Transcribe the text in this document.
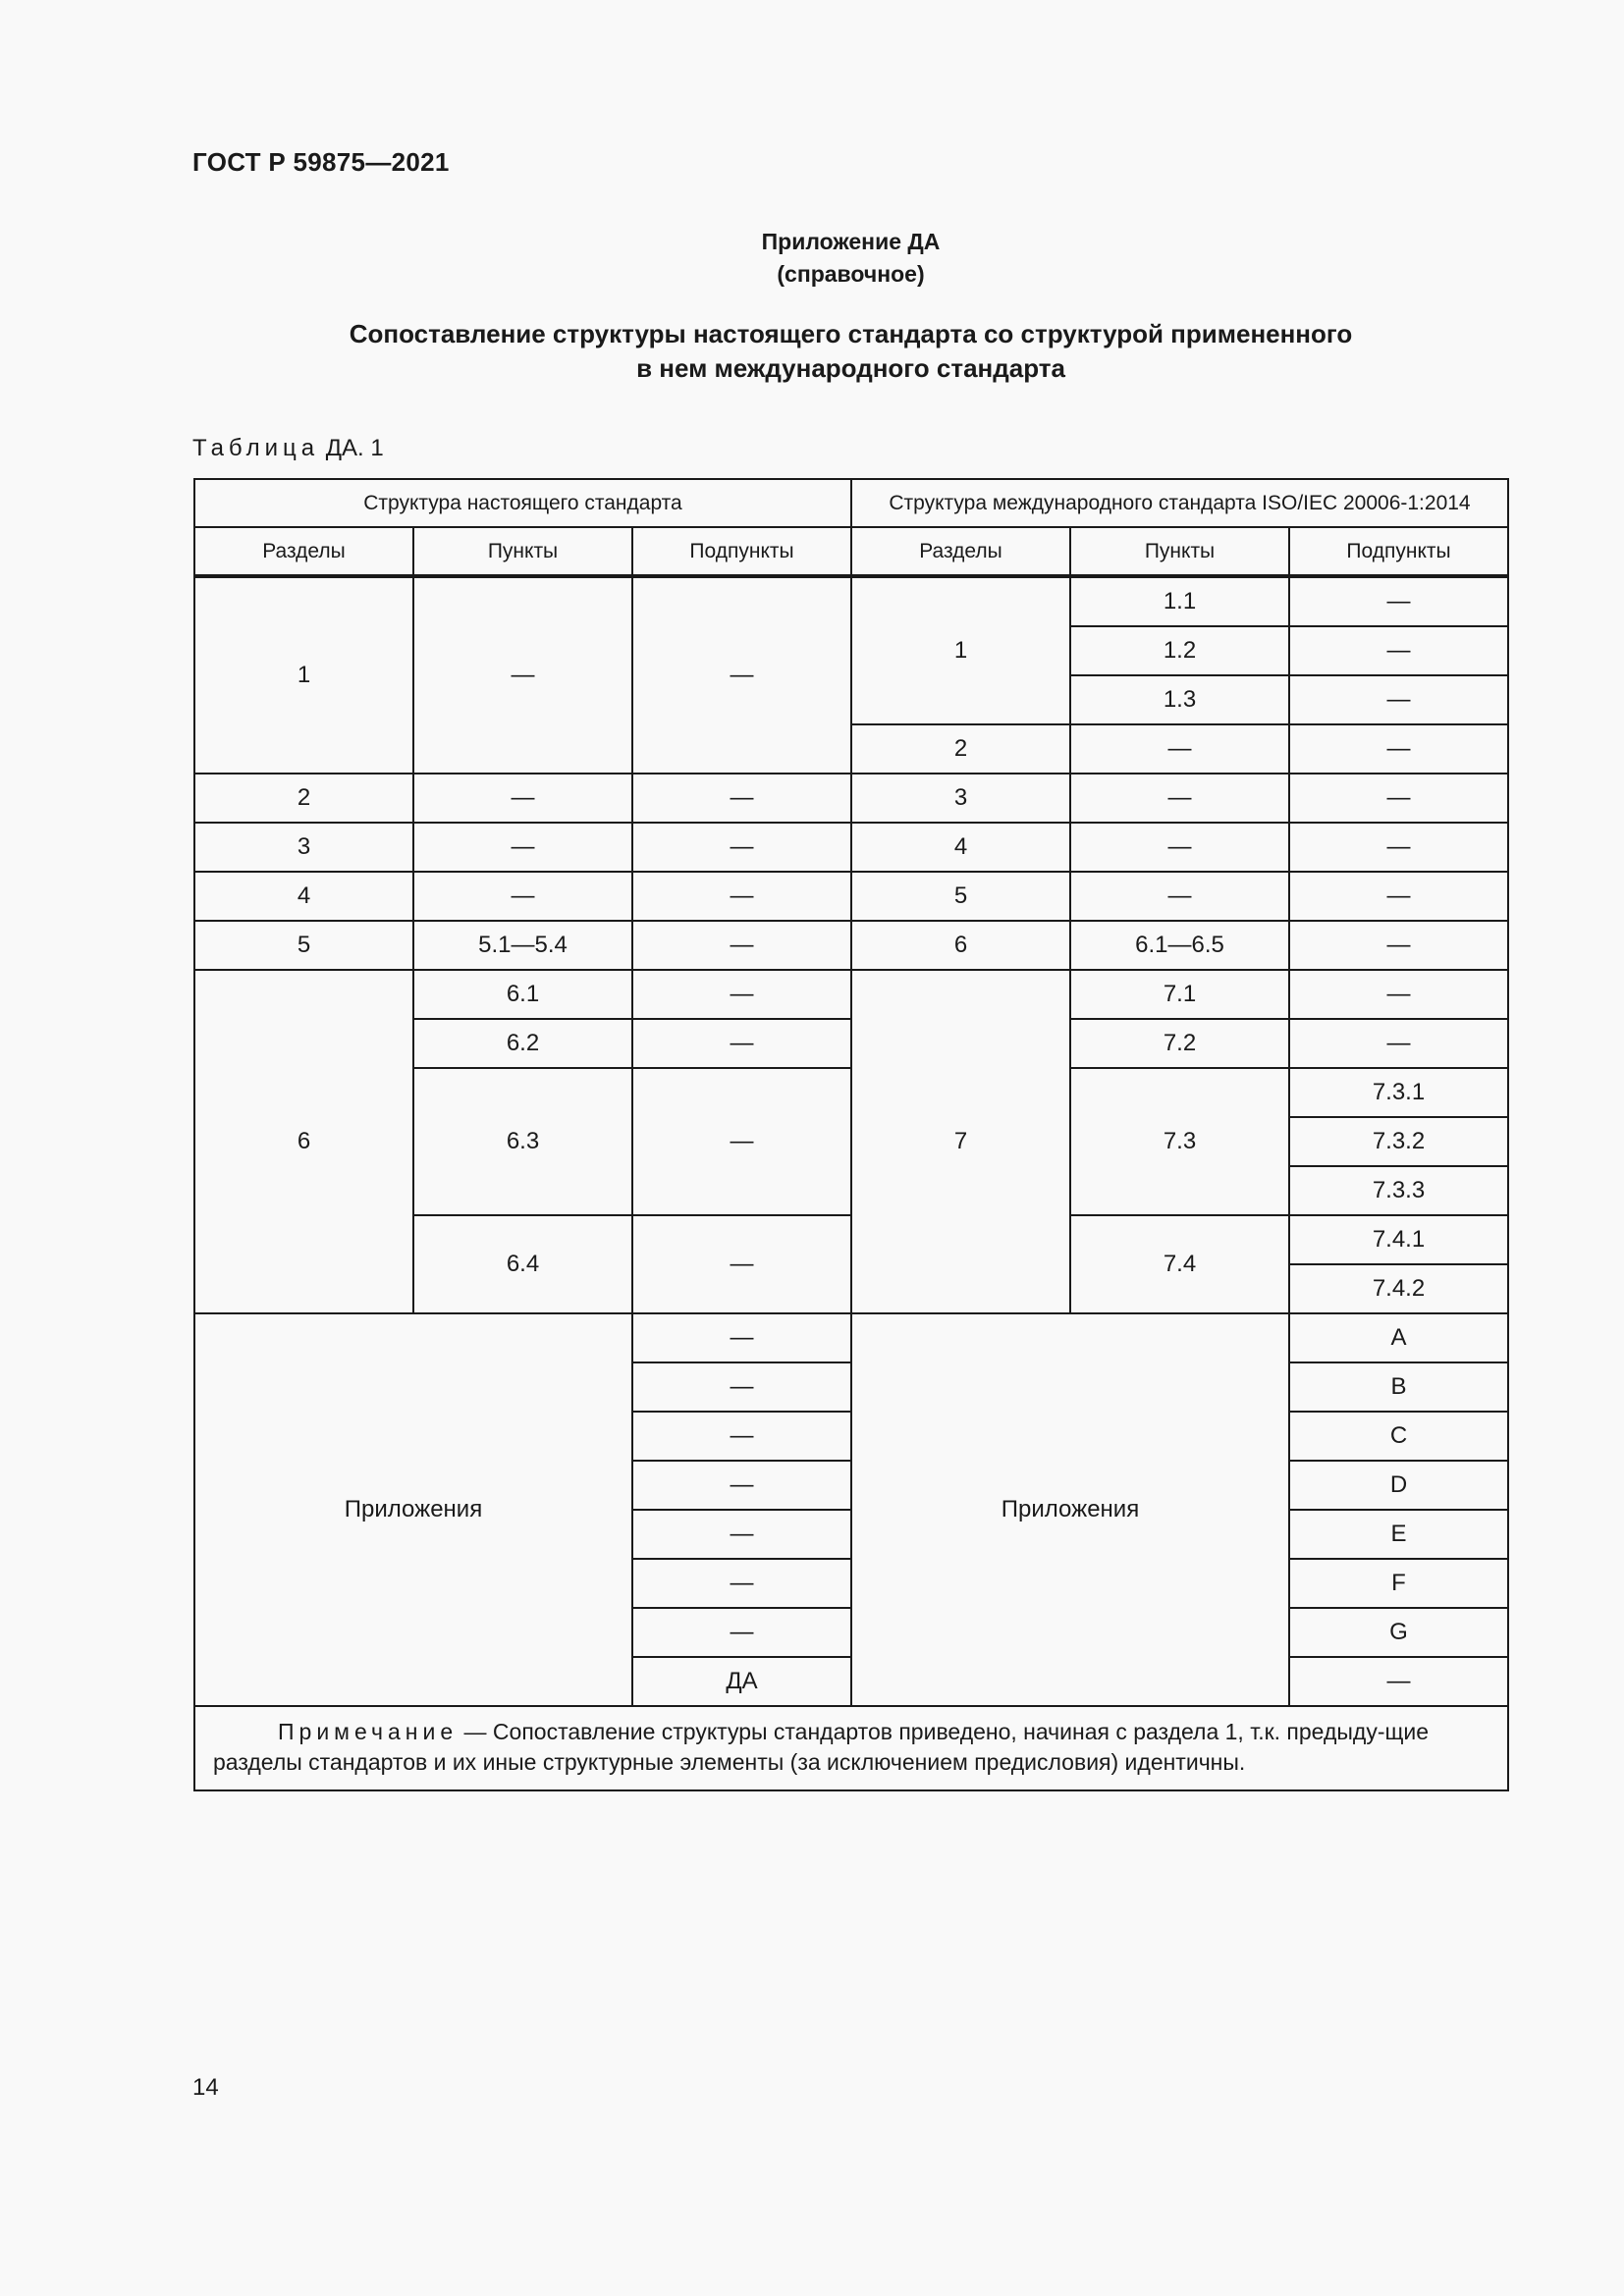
ГОСТ Р 59875—2021
Приложение ДА
(справочное)
Сопоставление структуры настоящего стандарта со структурой примененного
в нем международного стандарта
Таблица ДА. 1
Структура настоящего стандарта			Структура международного стандарта ISO/IEC 20006-1:2014		
Разделы	Пункты	Подпункты	Разделы	Пункты	Подпункты
1	—	—	1	1.1	—
				1.2	—
				1.3	—
			2	—	—
2	—	—	3	—	—
3	—	—	4	—	—
4	—	—	5	—	—
5	5.1—5.4	—	6	6.1—6.5	—
6	6.1	—	7	7.1	—
	6.2	—		7.2	—
	6.3	—		7.3	7.3.1
					7.3.2
					7.3.3
	6.4	—		7.4	7.4.1
					7.4.2
Приложения		—	Приложения		A
		—			B
		—			C
		—			D
		—			E
		—			F
		—			G
		ДА			—
Примечание — Сопоставление структуры стандартов приведено, начиная с раздела 1, т.к. предыду-щие разделы стандартов и их иные структурные элементы (за исключением предисловия) идентичны.					
14
